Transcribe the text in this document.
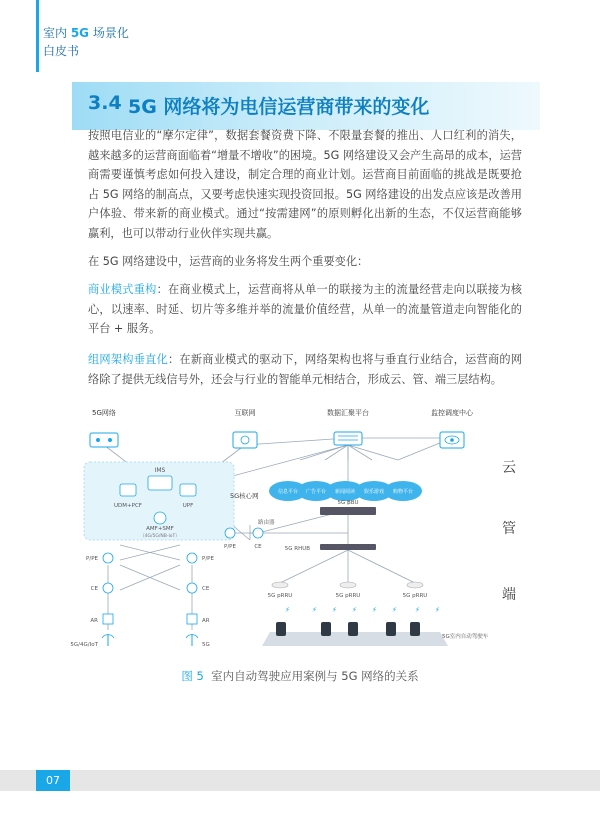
室内 5G 场景化
白皮书
3.4 5G 网络将为电信运营商带来的变化
按照电信业的“摩尔定律”，数据套餐资费下降、不限量套餐的推出、人口红利的消失，越来越多的运营商面临着“增量不增收”的困境。5G 网络建设又会产生高昂的成本，运营商需要谨慎考虑如何投入建设，制定合理的商业计划。运营商目前面临的挑战是既要抢占 5G 网络的制高点，又要考虑快速实现投资回报。5G 网络建设的出发点应该是改善用户体验、带来新的商业模式。通过“按需建网”的原则孵化出新的生态，不仅运营商能够赢利，也可以带动行业伙伴实现共赢。
在 5G 网络建设中，运营商的业务将发生两个重要变化：
商业模式重构：在商业模式上，运营商将从单一的联接为主的流量经营走向以联接为核心，以速率、时延、切片等多维并举的流量价值经营，从单一的流量管道走向智能化的平台 + 服务。
组网架构垂直化：在新商业模式的驱动下，网络架构也将与垂直行业结合，运营商的网络除了提供无线信号外，还会与行业的智能单元相结合，形成云、管、端三层结构。
5G网络	互联网	数据汇聚平台	监控调度中心
信息平台 广告平台 新闻阅读 娱乐游戏 购物平台
IMS
UDM+PCF	UPF
AMF+SMF
（4G/5G/NB-IoT）
5G核心网
路由器
P/PE	CE
5G BBU
5G RHUB
P/PE
CE
AR
P/PE
CE
AR
5G/4G/IoT	5G
5G pRRU	5G pRRU	5G pRRU
⚡	⚡ ⚡ ⚡ ⚡ ⚡	⚡ ⚡
5G室内自动驾驶车
云
管
端
图 5 室内自动驾驶应用案例与 5G 网络的关系
07
